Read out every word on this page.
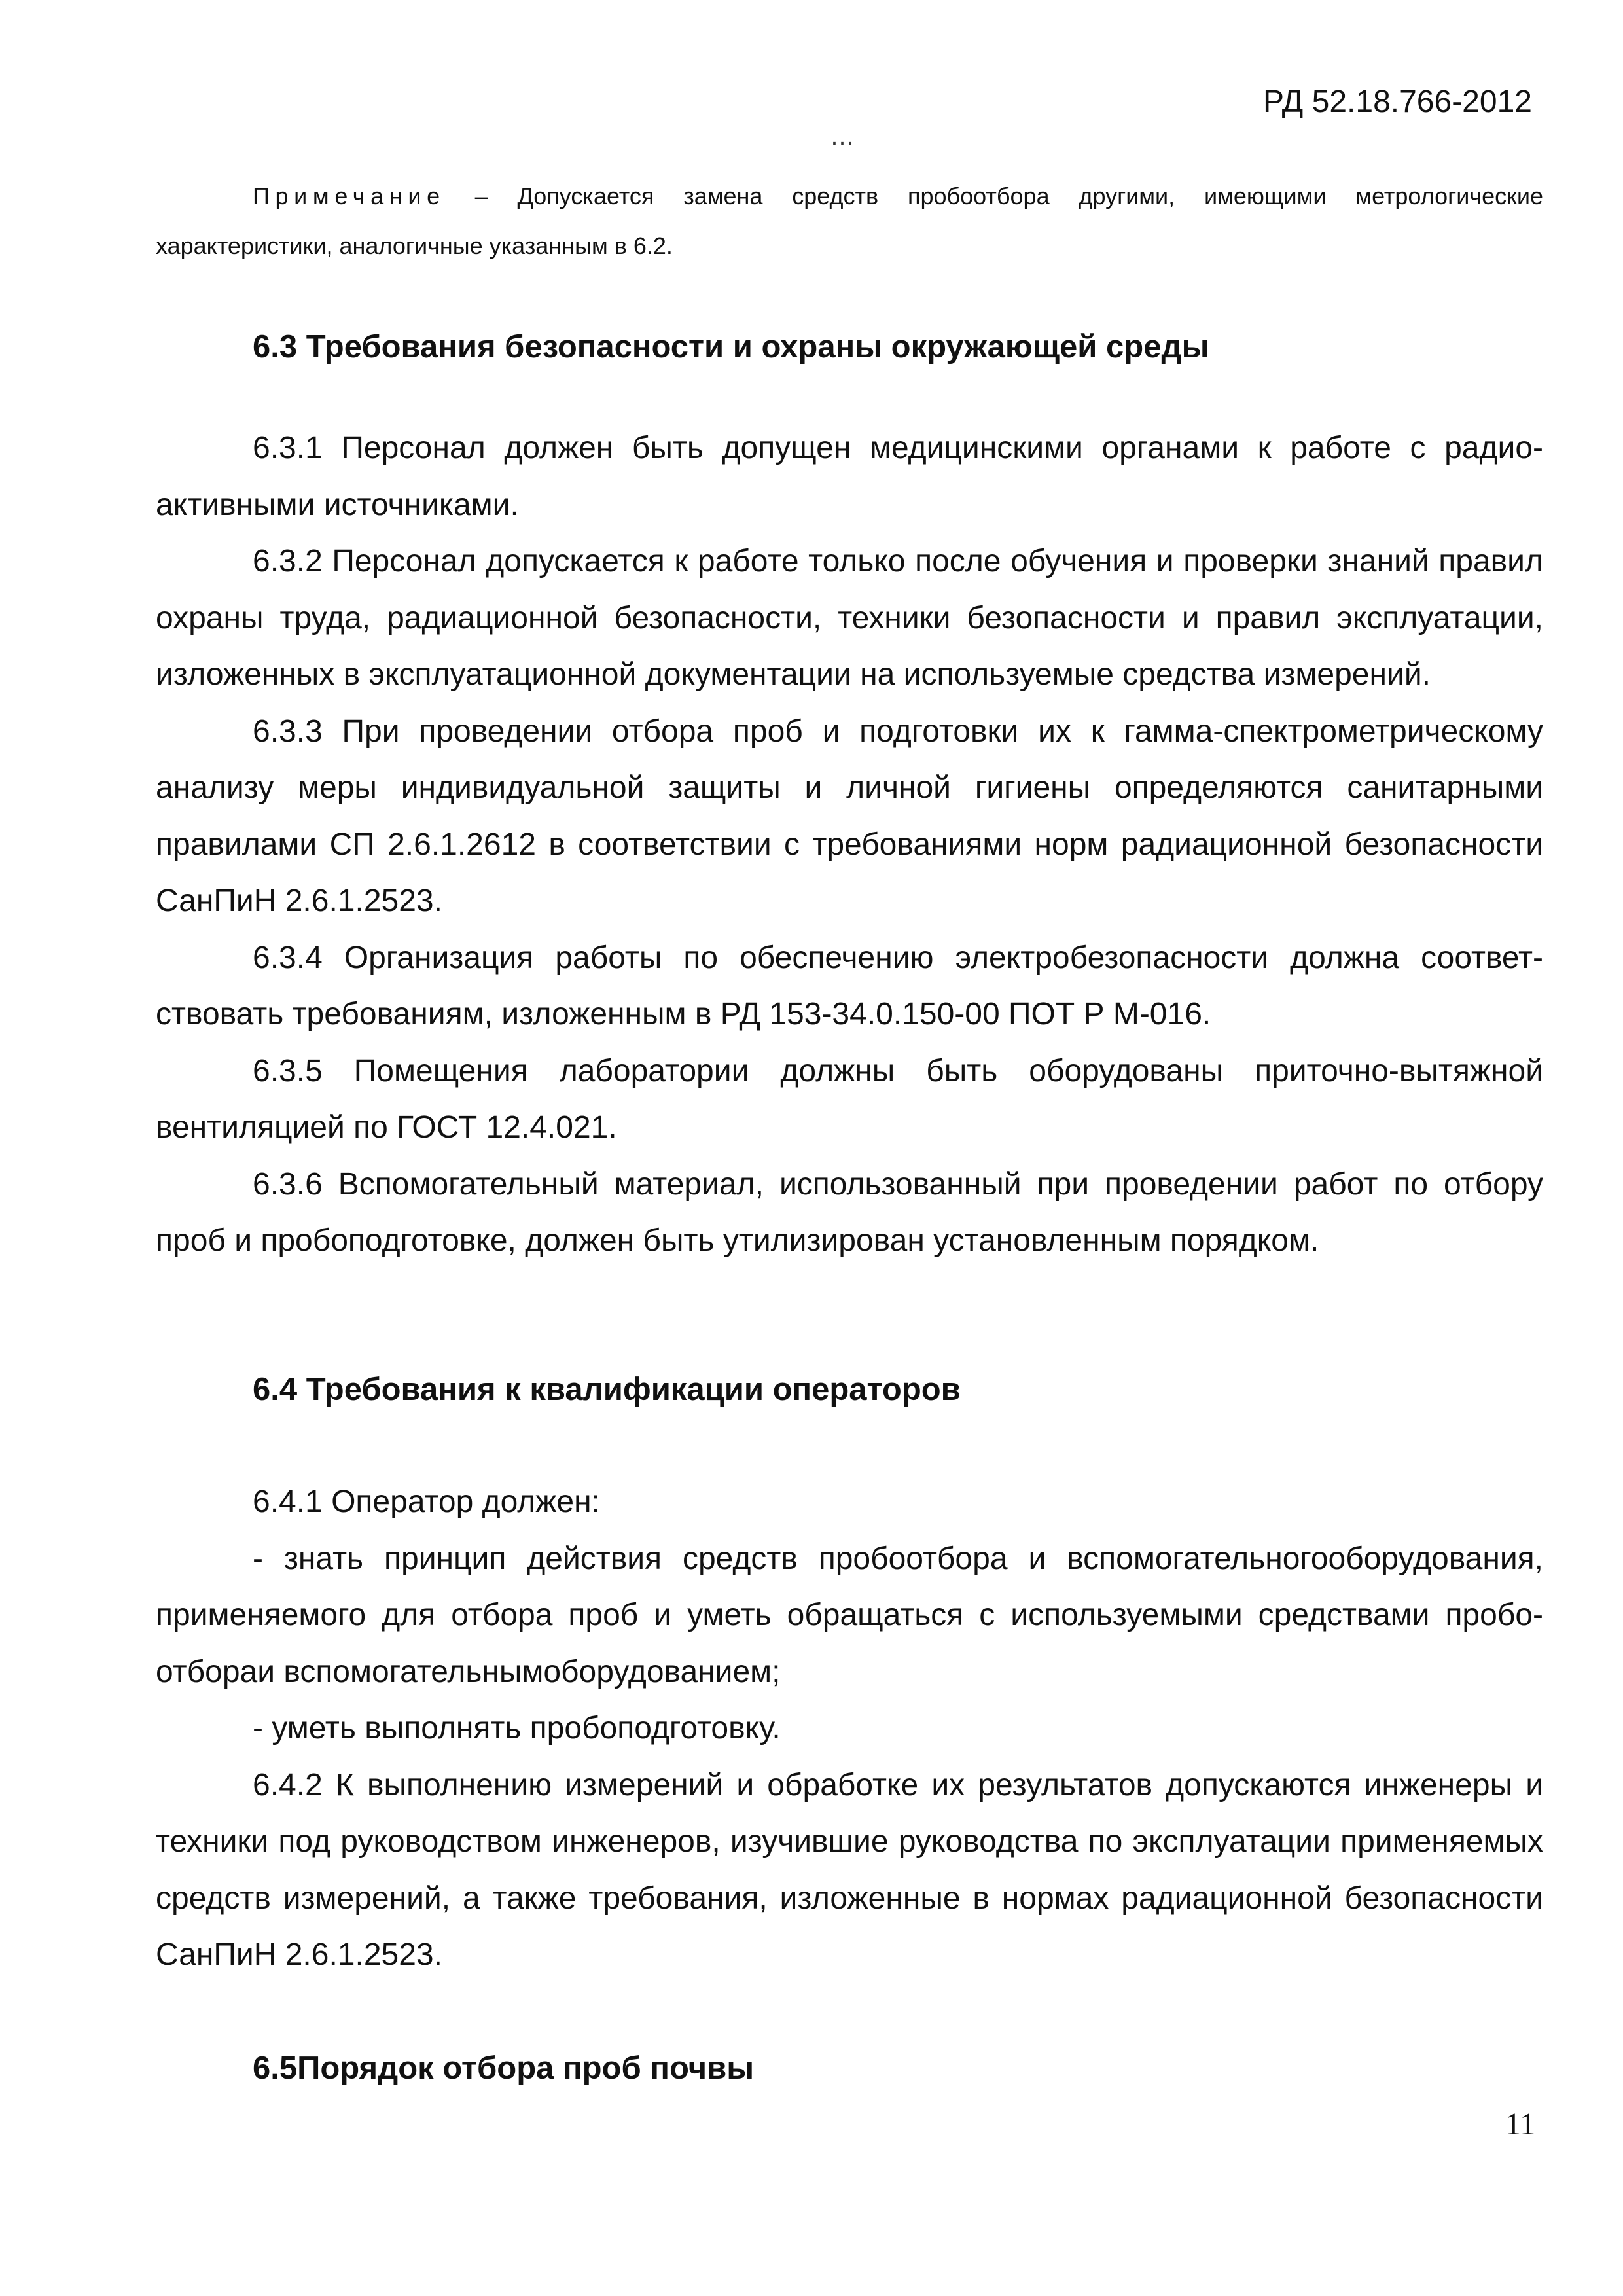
РД 52.18.766-2012
…

Примечание – Допускается замена средств пробоотбора другими, имеющими метрологические характеристики, аналогичные указанным в 6.2.

6.3 Требования безопасности и охраны окружающей среды

6.3.1 Персонал должен быть допущен медицинскими органами к работе с радиоактивными источниками.

6.3.2 Персонал допускается к работе только после обучения и проверки знаний правил охраны труда, радиационной безопасности, техники безопасности и правил эксплуатации, изложенных в эксплуатационной документации на используемые средства измерений.

6.3.3 При проведении отбора проб и подготовки их к гамма-спектрометрическому анализу меры индивидуальной защиты и личной гигиены определяются санитарными правилами СП 2.6.1.2612 в соответствии с требованиями норм радиационной безопасности СанПиН 2.6.1.2523.

6.3.4 Организация работы по обеспечению электробезопасности должна соответствовать требованиям, изложенным в РД 153-34.0.150-00 ПОТ Р М-016.

6.3.5 Помещения лаборатории должны быть оборудованы приточно-вытяжной вентиляцией по ГОСТ 12.4.021.

6.3.6 Вспомогательный материал, использованный при проведении работ по отбору проб и пробоподготовке, должен быть утилизирован установленным порядком.

6.4 Требования к квалификации операторов

6.4.1 Оператор должен:

- знать принцип действия средств пробоотбора и вспомогательногооборудования, применяемого для отбора проб и уметь обращаться с используемыми средствами пробоотбораи вспомогательнымоборудованием;

- уметь выполнять пробоподготовку.

6.4.2 К выполнению измерений и обработке их результатов допускаются инженеры и техники под руководством инженеров, изучившие руководства по эксплуатации применяемых средств измерений, а также требования, изложенные в нормах радиационной безопасности СанПиН 2.6.1.2523.

6.5Порядок отбора проб почвы
11
